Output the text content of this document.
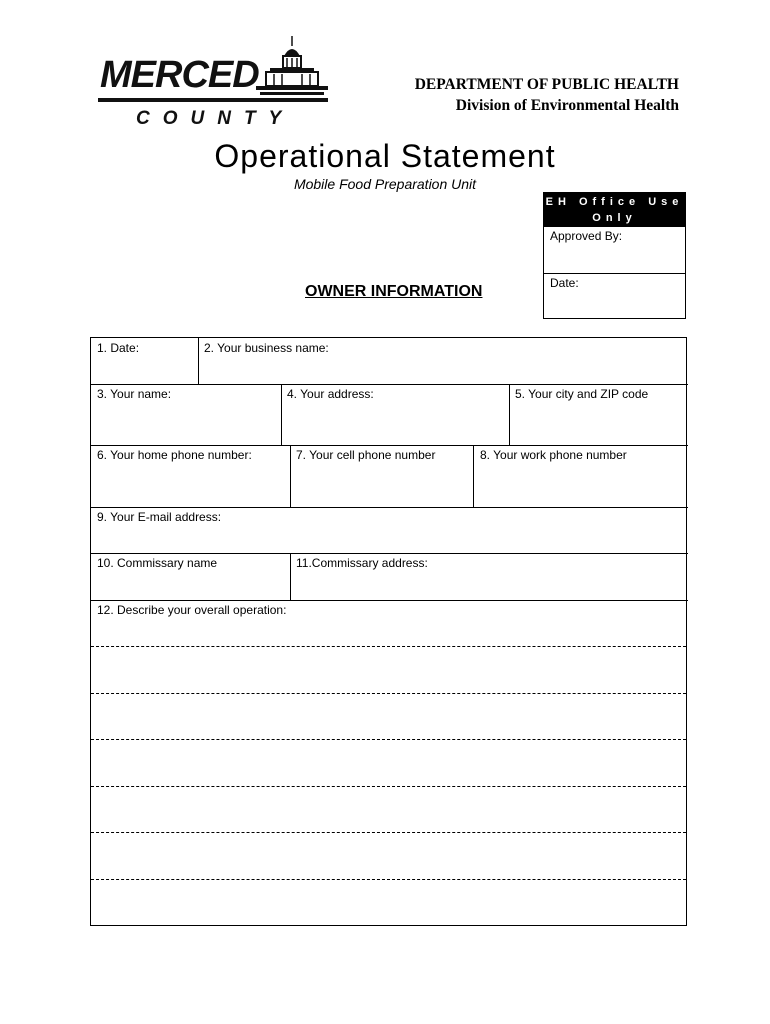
MERCED
COUNTY
DEPARTMENT OF PUBLIC HEALTH
Division of Environmental Health
Operational Statement
Mobile Food Preparation Unit
EH Office Use Only
Approved By:
Date:
OWNER INFORMATION
1. Date:	2. Your business name:
3. Your name:	4. Your address:	5. Your city and ZIP code
6. Your home phone number:	7. Your cell phone number	8. Your work phone number
9. Your E-mail address:
10. Commissary name	11.Commissary address:
12. Describe your overall operation:
